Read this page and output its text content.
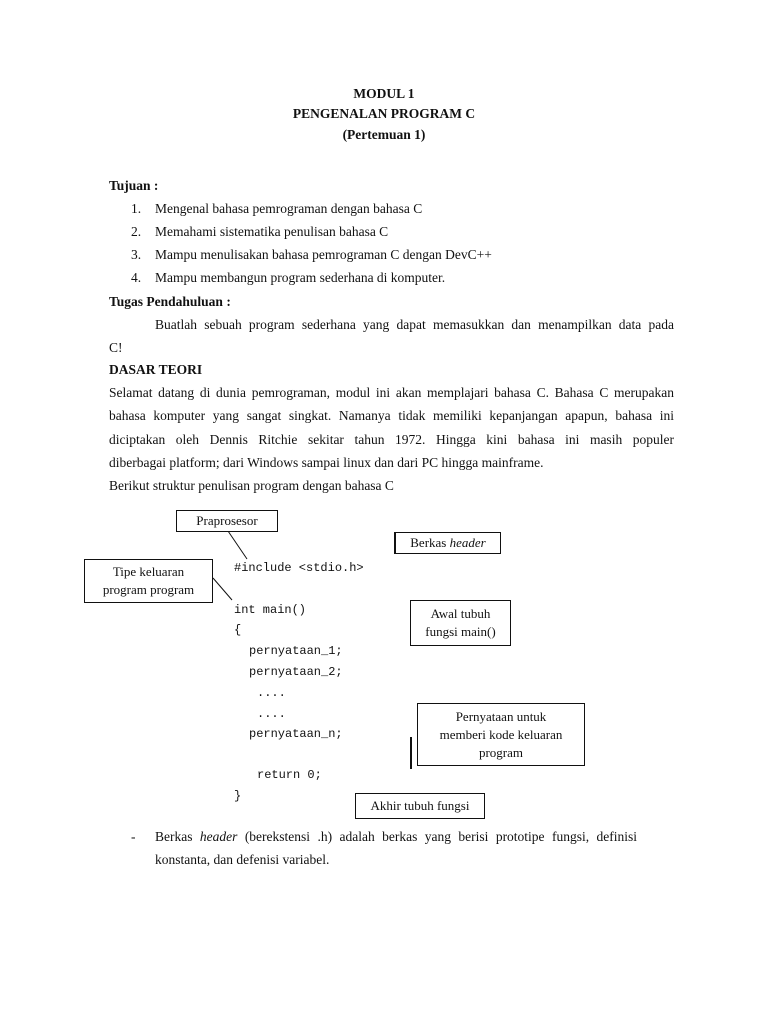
MODUL 1
PENGENALAN PROGRAM C
(Pertemuan 1)
Tujuan :
1. Mengenal bahasa pemrograman dengan bahasa C
2. Memahami sistematika penulisan bahasa C
3. Mampu menulisakan bahasa pemrograman C dengan DevC++
4. Mampu membangun program sederhana di komputer.
Tugas Pendahuluan :
Buatlah sebuah program sederhana yang dapat memasukkan dan menampilkan data pada
C!
DASAR TEORI
Selamat datang di dunia pemrograman, modul ini akan memplajari bahasa C. Bahasa C merupakan
bahasa komputer yang sangat singkat. Namanya tidak memiliki kepanjangan apapun, bahasa ini
diciptakan oleh Dennis Ritchie sekitar tahun 1972. Hingga kini bahasa ini masih populer
diberbagai platform; dari Windows sampai linux dan dari PC hingga mainframe.
Berikut struktur penulisan program dengan bahasa C
#include <stdio.h>
int main()
{
pernyataan_1;
pernyataan_2;
....
....
pernyataan_n;
return 0;
}
Praprosesor
Berkas header
Tipe keluaran
program program
Awal tubuh
fungsi main()
Pernyataan untuk
memberi kode keluaran
program
Akhir tubuh fungsi
- Berkas header (berekstensi .h) adalah berkas yang berisi prototipe fungsi, definisi
konstanta, dan defenisi variabel.
